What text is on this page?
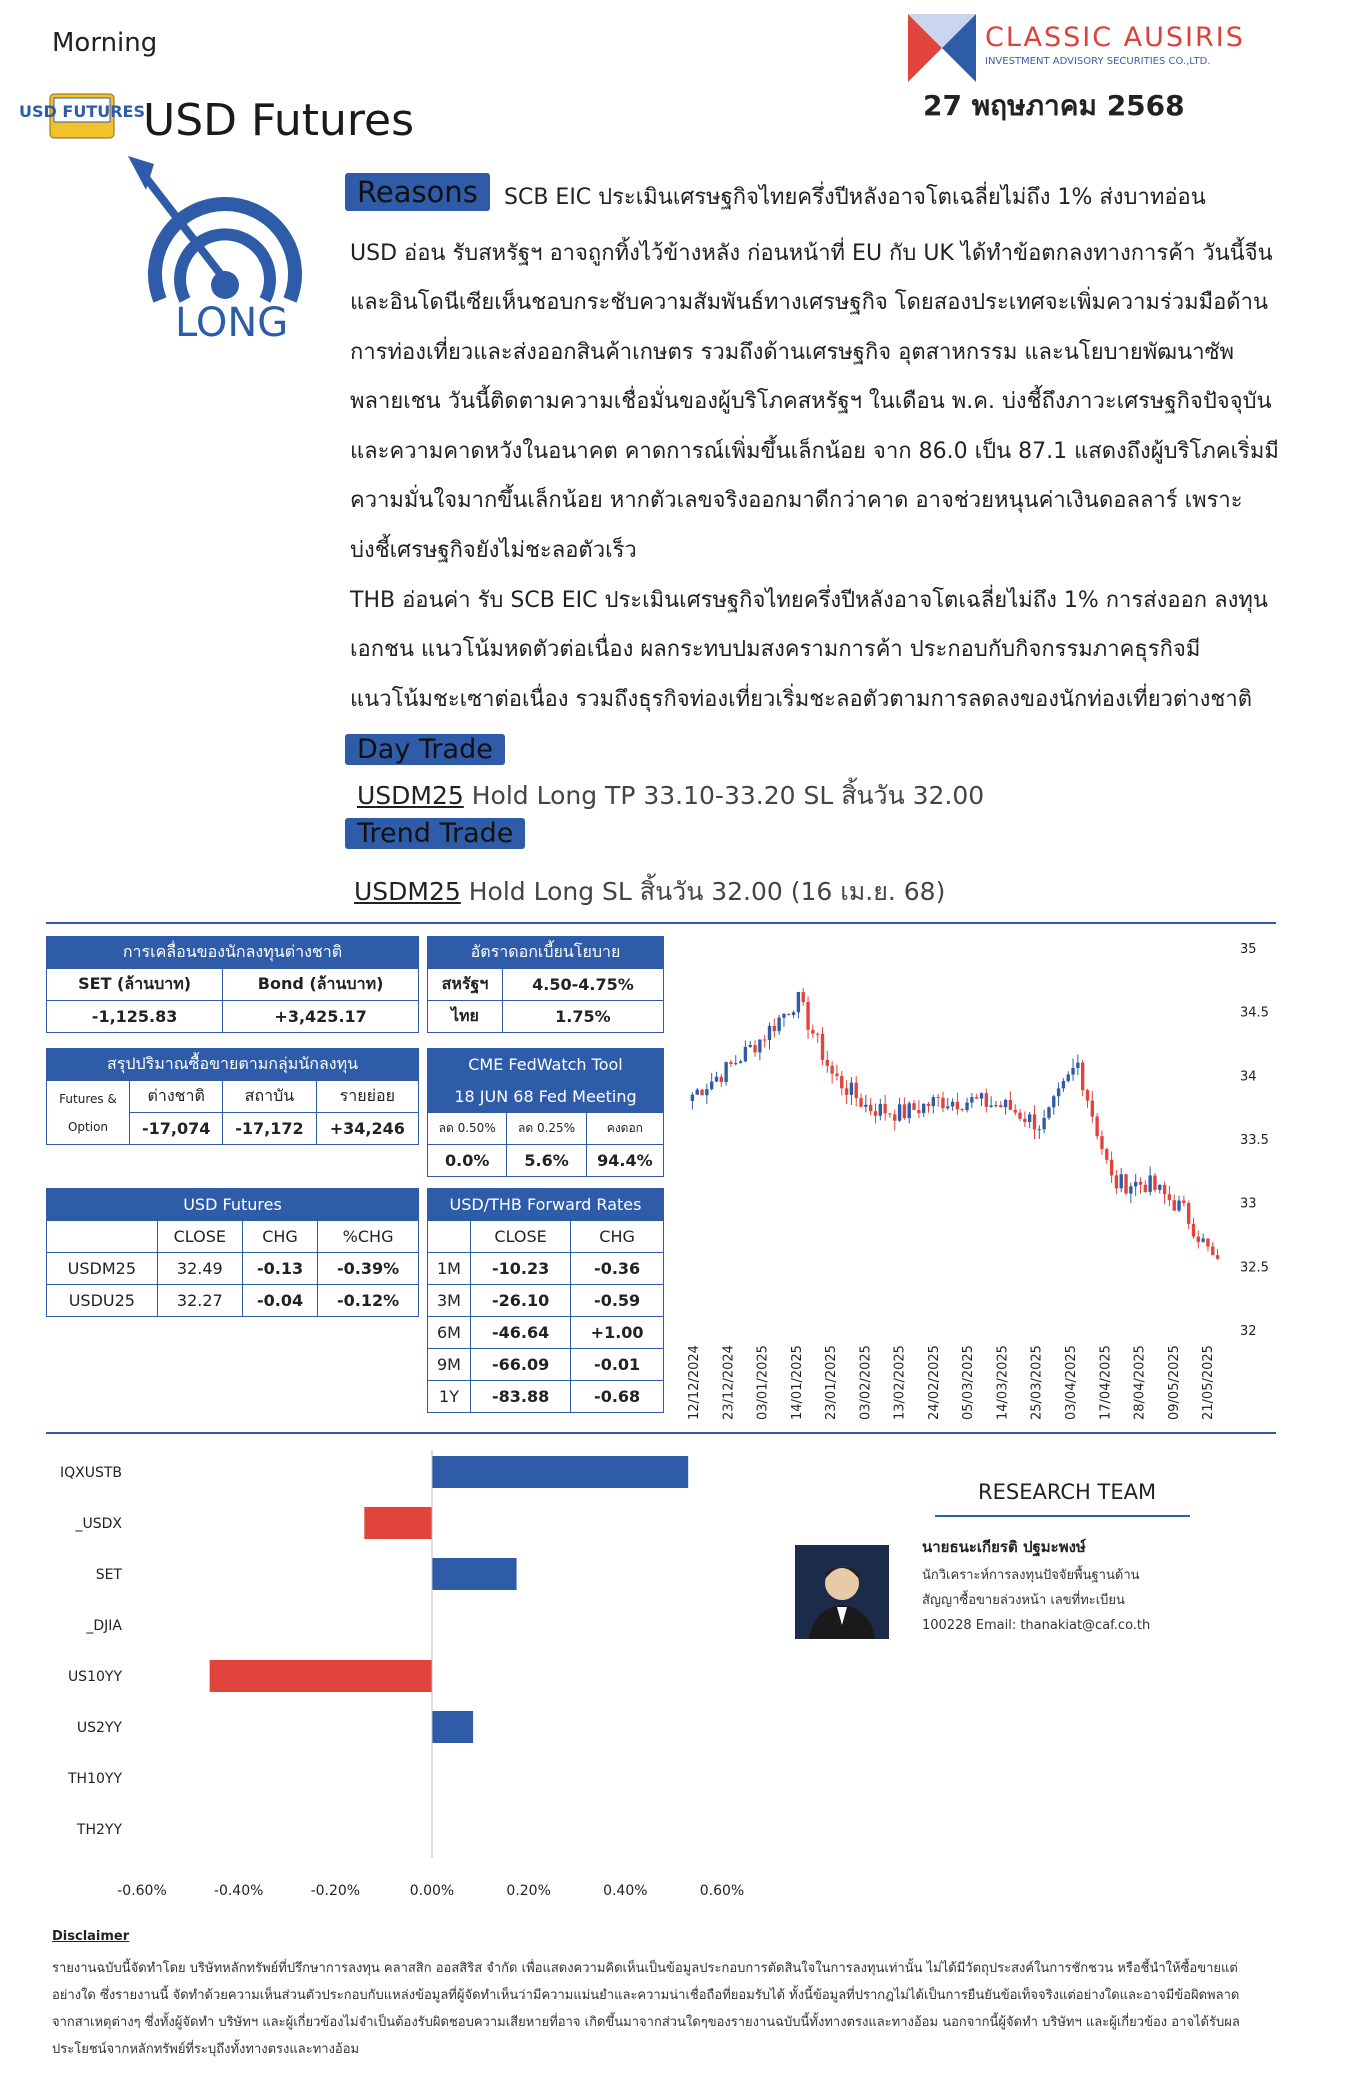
Morning
USD FUTURES
USD Futures
CLASSIC AUSIRIS
INVESTMENT ADVISORY SECURITIES CO.,LTD.
27 พฤษภาคม 2568
LONG
Reasons	SCB EIC ประเมินเศรษฐกิจไทยครึ่งปีหลังอาจโตเฉลี่ยไม่ถึง 1% ส่งบาทอ่อน
USD อ่อน รับสหรัฐฯ อาจถูกทิ้งไว้ข้างหลัง ก่อนหน้าที่ EU กับ UK ได้ทำข้อตกลงทางการค้า วันนี้จีน
และอินโดนีเซียเห็นชอบกระชับความสัมพันธ์ทางเศรษฐกิจ โดยสองประเทศจะเพิ่มความร่วมมือด้าน
การท่องเที่ยวและส่งออกสินค้าเกษตร รวมถึงด้านเศรษฐกิจ อุตสาหกรรม และนโยบายพัฒนาซัพ
พลายเชน วันนี้ติดตามความเชื่อมั่นของผู้บริโภคสหรัฐฯ ในเดือน พ.ค. บ่งชี้ถึงภาวะเศรษฐกิจปัจจุบัน
และความคาดหวังในอนาคต คาดการณ์เพิ่มขึ้นเล็กน้อย จาก 86.0 เป็น 87.1 แสดงถึงผู้บริโภคเริ่มมี
ความมั่นใจมากขึ้นเล็กน้อย หากตัวเลขจริงออกมาดีกว่าคาด อาจช่วยหนุนค่าเงินดอลลาร์ เพราะ
บ่งชี้เศรษฐกิจยังไม่ชะลอตัวเร็ว
THB อ่อนค่า รับ SCB EIC ประเมินเศรษฐกิจไทยครึ่งปีหลังอาจโตเฉลี่ยไม่ถึง 1% การส่งออก ลงทุน
เอกชน แนวโน้มหดตัวต่อเนื่อง ผลกระทบปมสงครามการค้า ประกอบกับกิจกรรมภาคธุรกิจมี
แนวโน้มชะเซาต่อเนื่อง รวมถึงธุรกิจท่องเที่ยวเริ่มชะลอตัวตามการลดลงของนักท่องเที่ยวต่างชาติ
Day Trade
USDM25 Hold Long TP 33.10-33.20 SL สิ้นวัน 32.00
Trend Trade
USDM25 Hold Long SL สิ้นวัน 32.00 (16 เม.ย. 68)
การเคลื่อนของนักลงทุนต่างชาติ	
SET (ล้านบาท)	Bond (ล้านบาท)
-1,125.83	+3,425.17
อัตราดอกเบี้ยนโยบาย	
สหรัฐฯ	4.50-4.75%
ไทย	1.75%
สรุปปริมาณซื้อขายตามกลุ่มนักลงทุน			
Futures &

Option	ต่างชาติ	สถาบัน	รายย่อย
	-17,074	-17,172	+34,246
CME FedWatch Tool		
18 JUN 68 Fed Meeting		
ลด 0.50%	ลด 0.25%	คงดอก
0.0%	5.6%	94.4%
USD Futures			
	CLOSE	CHG	%CHG
USDM25	32.49	-0.13	-0.39%
USDU25	32.27	-0.04	-0.12%
USD/THB Forward Rates		
	CLOSE	CHG
1M	-10.23	-0.36
3M	-26.10	-0.59
6M	-46.64	+1.00
9M	-66.09	-0.01
1Y	-83.88	-0.68
32
32.5
33
33.5
34
34.5
35
12/12/2024 23/12/2024 03/01/2025 14/01/2025 23/01/2025 03/02/2025 13/02/2025 24/02/2025 05/03/2025 14/03/2025 25/03/2025 03/04/2025 17/04/2025 28/04/2025 09/05/2025 21/05/2025
IQXUSTB
_USDX
SET
_DJIA
US10YY
US2YY
TH10YY
TH2YY
-0.60%	-0.40%	-0.20%	0.00%	0.20%	0.40%	0.60%
RESEARCH TEAM
นายธนะเกียรติ ปฐมะพงษ์
นักวิเคราะห์การลงทุนปัจจัยพื้นฐานด้าน
สัญญาซื้อขายล่วงหน้า เลขที่ทะเบียน
100228 Email: thanakiat@caf.co.th
Disclaimer
รายงานฉบับนี้จัดทำโดย บริษัทหลักทรัพย์ที่ปรึกษาการลงทุน คลาสสิก ออสสิริส จำกัด เพื่อแสดงความคิดเห็นเป็นข้อมูลประกอบการตัดสินใจในการลงทุนเท่านั้น ไม่ได้มีวัตถุประสงค์ในการชักชวน หรือชี้นำให้ซื้อขายแต่อย่างใด ซึ่งรายงานนี้ จัดทำด้วยความเห็นส่วนตัวประกอบกับแหล่งข้อมูลที่ผู้จัดทำเห็นว่ามีความแม่นยำและความน่าเชื่อถือที่ยอมรับได้ ทั้งนี้ข้อมูลที่ปรากฎไม่ได้เป็นการยืนยันข้อเท็จจริงแต่อย่างใดและอาจมีข้อผิดพลาดจากสาเหตุต่างๆ ซึ่งทั้งผู้จัดทำ บริษัทฯ และผู้เกี่ยวข้องไม่จำเป็นต้องรับผิดชอบความเสียหายที่อาจ เกิดขึ้นมาจากส่วนใดๆของรายงานฉบับนี้ทั้งทางตรงและทางอ้อม นอกจากนี้ผู้จัดทำ บริษัทฯ และผู้เกี่ยวข้อง อาจได้รับผลประโยชน์จากหลักทรัพย์ที่ระบุถึงทั้งทางตรงและทางอ้อม
